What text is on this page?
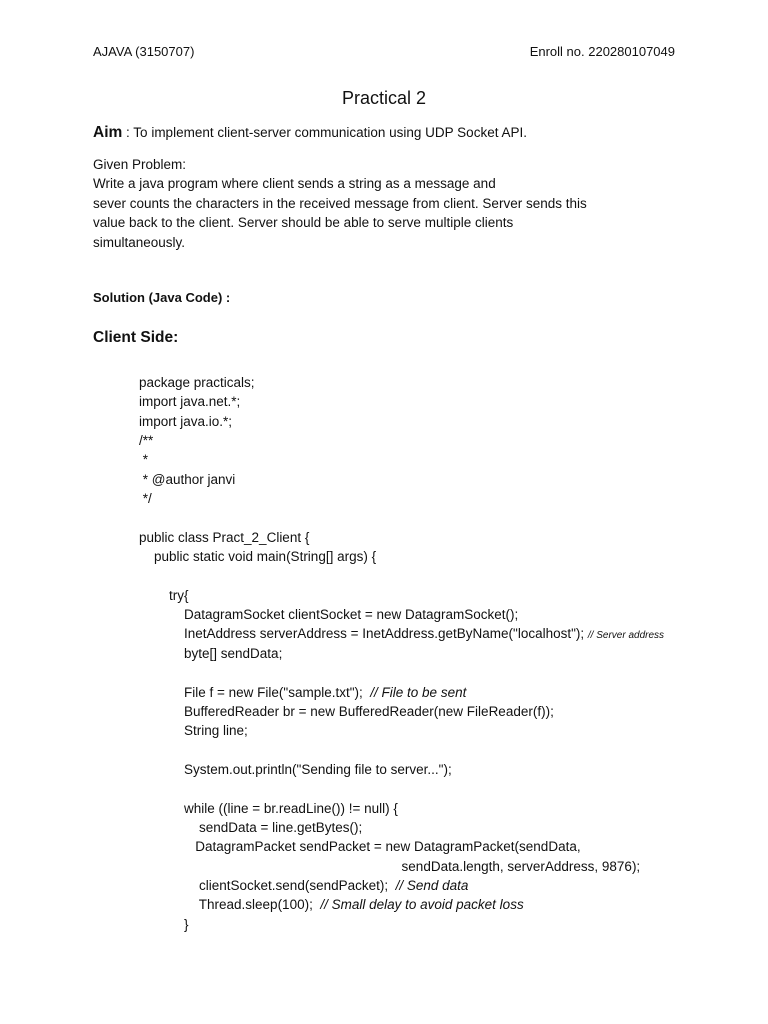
AJAVA (3150707)	Enroll no. 220280107049
Practical 2
Aim : To implement client-server communication using UDP Socket API.
Given Problem:
Write a java program where client sends a string as a message and
sever counts the characters in the received message from client. Server sends this
value back to the client. Server should be able to serve multiple clients
simultaneously.
Solution (Java Code) :
Client Side:
package practicals;
import java.net.*;
import java.io.*;
/**
*
* @author janvi
*/
public class Pract_2_Client {
public static void main(String[] args) {
try{
DatagramSocket clientSocket = new DatagramSocket();
InetAddress serverAddress = InetAddress.getByName("localhost"); // Server address
byte[] sendData;
File f = new File("sample.txt");  // File to be sent
BufferedReader br = new BufferedReader(new FileReader(f));
String line;
System.out.println("Sending file to server...");
while ((line = br.readLine()) != null) {
sendData = line.getBytes();
DatagramPacket sendPacket = new DatagramPacket(sendData,
sendData.length, serverAddress, 9876);
clientSocket.send(sendPacket);  // Send data
Thread.sleep(100);  // Small delay to avoid packet loss
}
